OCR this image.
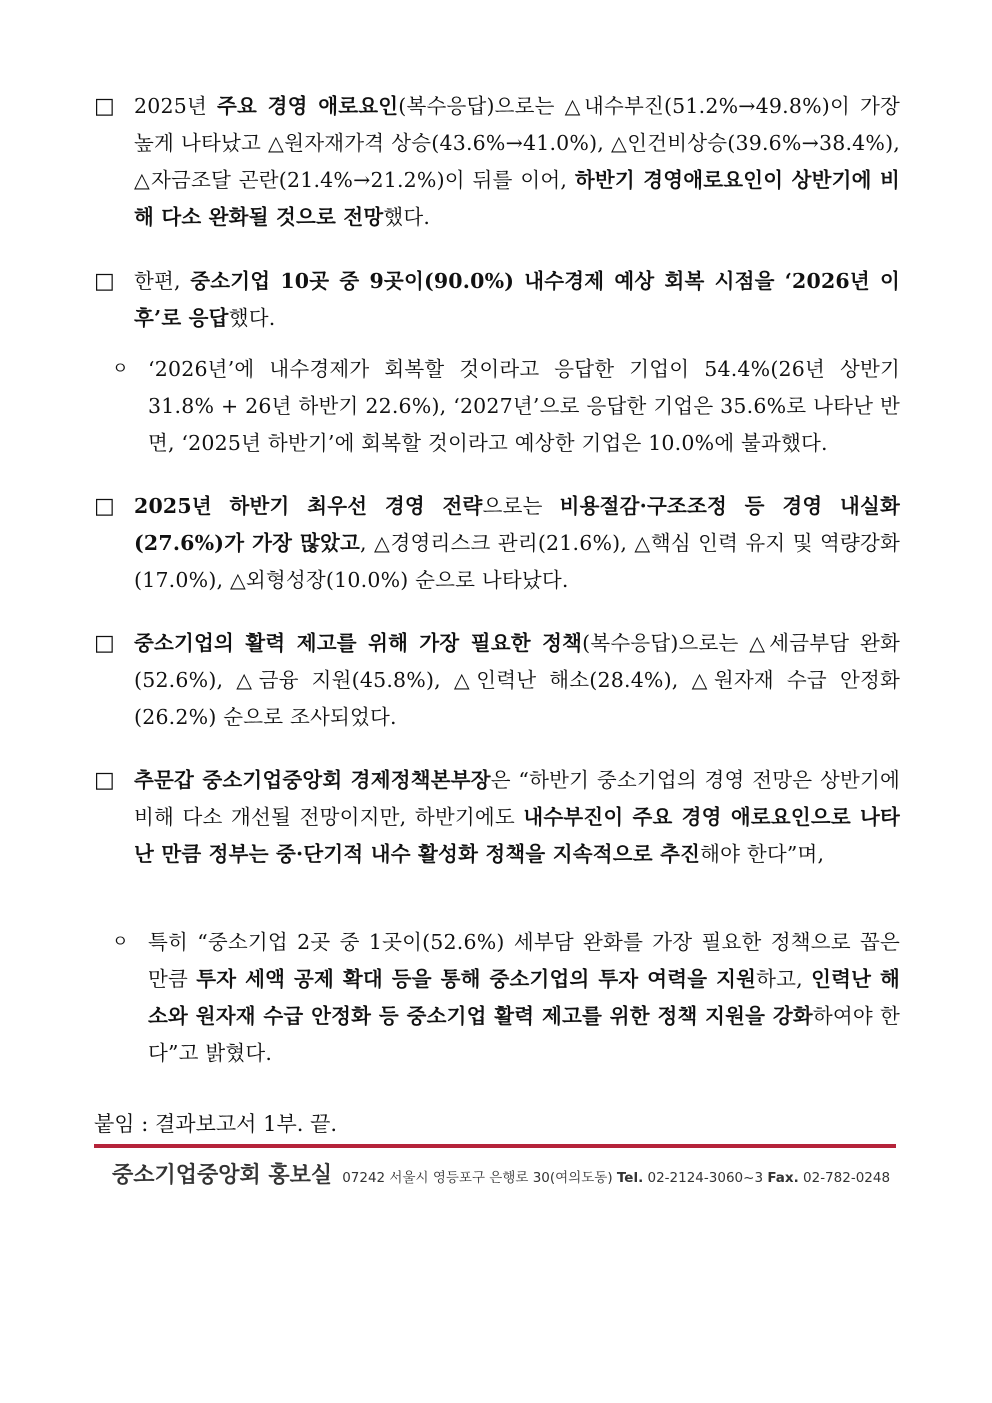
□ 2025년 주요 경영 애로요인(복수응답)으로는 △내수부진(51.2%→49.8%)이 가장 높게 나타났고 △원자재가격 상승(43.6%→41.0%), △인건비상승(39.6%→38.4%), △자금조달 곤란(21.4%→21.2%)이 뒤를 이어, 하반기 경영애로요인이 상반기에 비해 다소 완화될 것으로 전망했다.
□ 한편, 중소기업 10곳 중 9곳이(90.0%) 내수경제 예상 회복 시점을 ‘2026년 이후’로 응답했다.
ㅇ ‘2026년’에 내수경제가 회복할 것이라고 응답한 기업이 54.4%(26년 상반기 31.8% + 26년 하반기 22.6%), ‘2027년’으로 응답한 기업은 35.6%로 나타난 반면, ‘2025년 하반기’에 회복할 것이라고 예상한 기업은 10.0%에 불과했다.
□ 2025년 하반기 최우선 경영 전략으로는 비용절감·구조조정 등 경영 내실화(27.6%)가 가장 많았고, △경영리스크 관리(21.6%), △핵심 인력 유지 및 역량강화(17.0%), △외형성장(10.0%) 순으로 나타났다.
□ 중소기업의 활력 제고를 위해 가장 필요한 정책(복수응답)으로는 △세금부담 완화(52.6%), △금융 지원(45.8%), △인력난 해소(28.4%), △원자재 수급 안정화(26.2%) 순으로 조사되었다.
□ 추문갑 중소기업중앙회 경제정책본부장은 “하반기 중소기업의 경영 전망은 상반기에 비해 다소 개선될 전망이지만, 하반기에도 내수부진이 주요 경영 애로요인으로 나타난 만큼 정부는 중·단기적 내수 활성화 정책을 지속적으로 추진해야 한다”며,
ㅇ 특히 “중소기업 2곳 중 1곳이(52.6%) 세부담 완화를 가장 필요한 정책으로 꼽은 만큼 투자 세액 공제 확대 등을 통해 중소기업의 투자 여력을 지원하고, 인력난 해소와 원자재 수급 안정화 등 중소기업 활력 제고를 위한 정책 지원을 강화하여야 한다”고 밝혔다.
붙임 : 결과보고서 1부. 끝.
중소기업중앙회 홍보실 07242 서울시 영등포구 은행로 30(여의도동) Tel. 02-2124-3060~3 Fax. 02-782-0248
